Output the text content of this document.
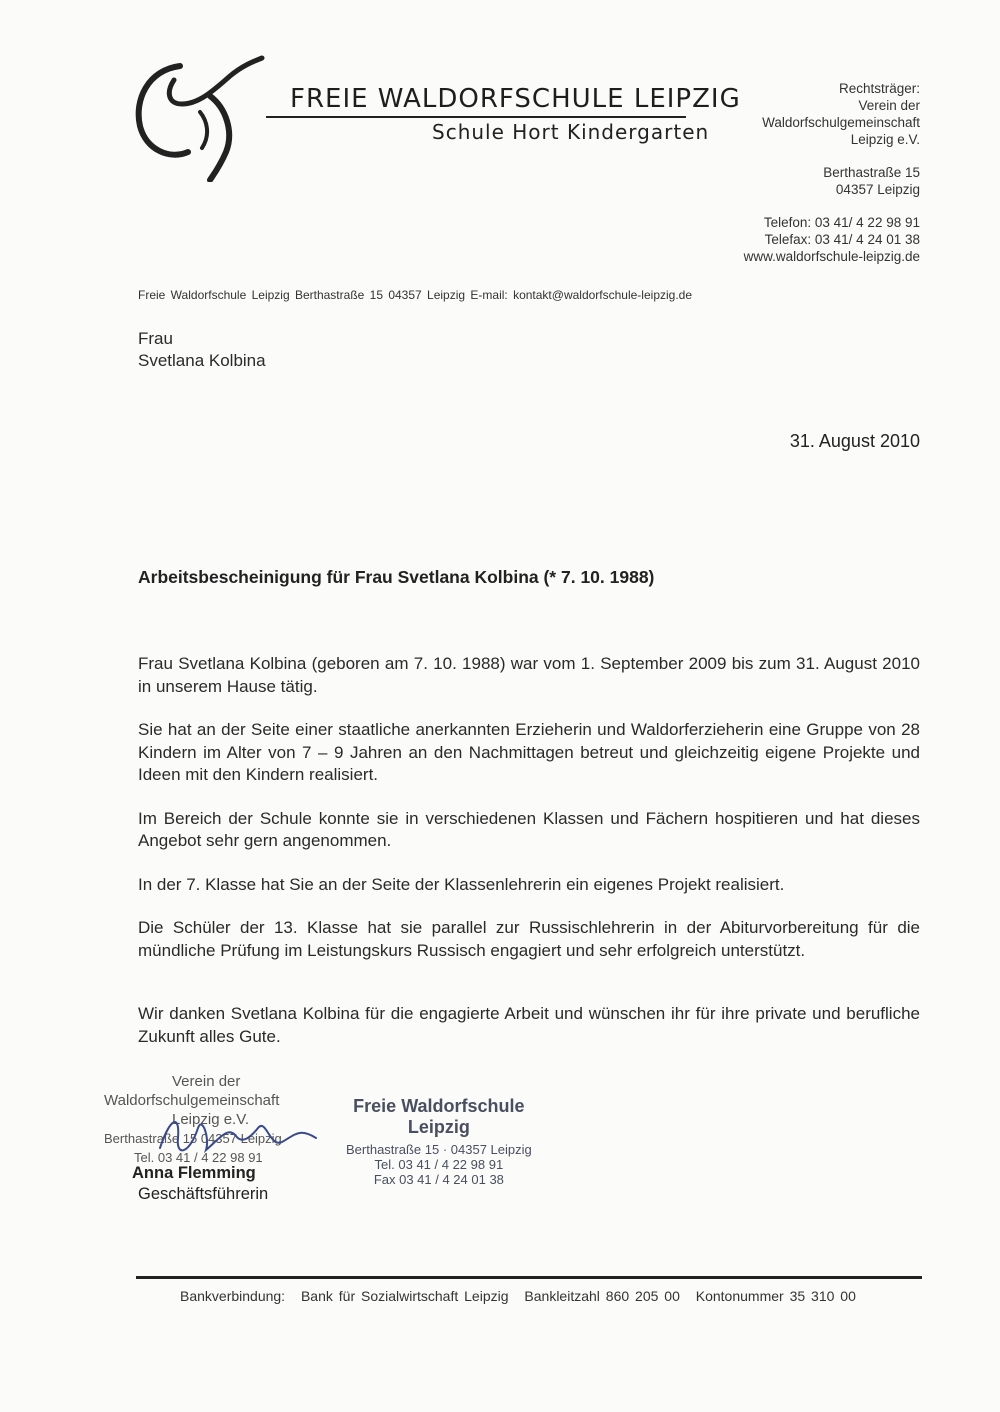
FREIE WALDORFSCHULE LEIPZIG
Schule Hort Kindergarten
Rechtsträger:
Verein der
Waldorfschulgemeinschaft
Leipzig e.V.
Berthastraße 15
04357 Leipzig
Telefon: 03 41/ 4 22 98 91
Telefax: 03 41/ 4 24 01 38
www.waldorfschule-leipzig.de
Freie Waldorfschule Leipzig Berthastraße 15 04357 Leipzig E-mail: kontakt@waldorfschule-leipzig.de
Frau
Svetlana Kolbina
31. August 2010
Arbeitsbescheinigung für Frau Svetlana Kolbina (* 7. 10. 1988)

Frau Svetlana Kolbina (geboren am 7. 10. 1988) war vom 1. September 2009 bis zum 31. August 2010 in unserem Hause tätig.

Sie hat an der Seite einer staatliche anerkannten Erzieherin und Waldorferzieherin eine Gruppe von 28 Kindern im Alter von 7 – 9 Jahren an den Nachmittagen betreut und gleichzeitig eigene Projekte und Ideen mit den Kindern realisiert.

Im Bereich der Schule konnte sie in verschiedenen Klassen und Fächern hospitieren und hat dieses Angebot sehr gern angenommen.

In der 7. Klasse hat Sie an der Seite der Klassenlehrerin ein eigenes Projekt realisiert.

Die Schüler der 13. Klasse hat sie parallel zur Russischlehrerin in der Abiturvorbereitung für die mündliche Prüfung im Leistungskurs Russisch engagiert und sehr erfolgreich unterstützt.

Wir danken Svetlana Kolbina für die engagierte Arbeit und wünschen ihr für ihre private und berufliche Zukunft alles Gute.

Verein der
Waldorfschulgemeinschaft
Leipzig e.V.
Berthastraße 15 04357 Leipzig
Tel. 03 41 / 4 22 98 91
Anna Flemming
Geschäftsführerin
Freie Waldorfschule
Leipzig
Berthastraße 15 · 04357 Leipzig
Tel. 03 41 / 4 22 98 91
Fax 03 41 / 4 24 01 38
Bankverbindung: Bank für Sozialwirtschaft Leipzig Bankleitzahl 860 205 00 Kontonummer 35 310 00
